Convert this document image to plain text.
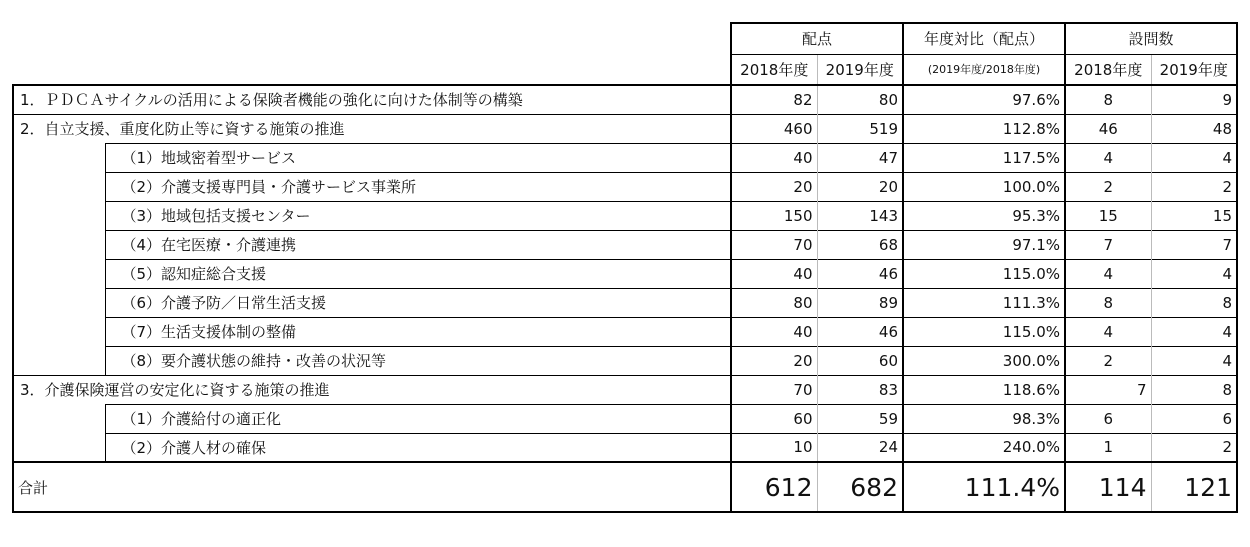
		配点		年度対比（配点）	設問数	
		2018年度	2019年度	(2019年度/2018年度)	2018年度	2019年度
1．ＰＤＣＡサイクルの活用による保険者機能の強化に向けた体制等の構築		82	80	97.6%	8	9
2．自立支援、重度化防止等に資する施策の推進		460	519	112.8%	46	48
	（1）地域密着型サービス	40	47	117.5%	4	4
	（2）介護支援専門員・介護サービス事業所	20	20	100.0%	2	2
	（3）地域包括支援センター	150	143	95.3%	15	15
	（4）在宅医療・介護連携	70	68	97.1%	7	7
	（5）認知症総合支援	40	46	115.0%	4	4
	（6）介護予防／日常生活支援	80	89	111.3%	8	8
	（7）生活支援体制の整備	40	46	115.0%	4	4
	（8）要介護状態の維持・改善の状況等	20	60	300.0%	2	4
3．介護保険運営の安定化に資する施策の推進		70	83	118.6%	7	8
	（1）介護給付の適正化	60	59	98.3%	6	6
	（2）介護人材の確保	10	24	240.0%	1	2
合計		612	682	111.4%	114	121
